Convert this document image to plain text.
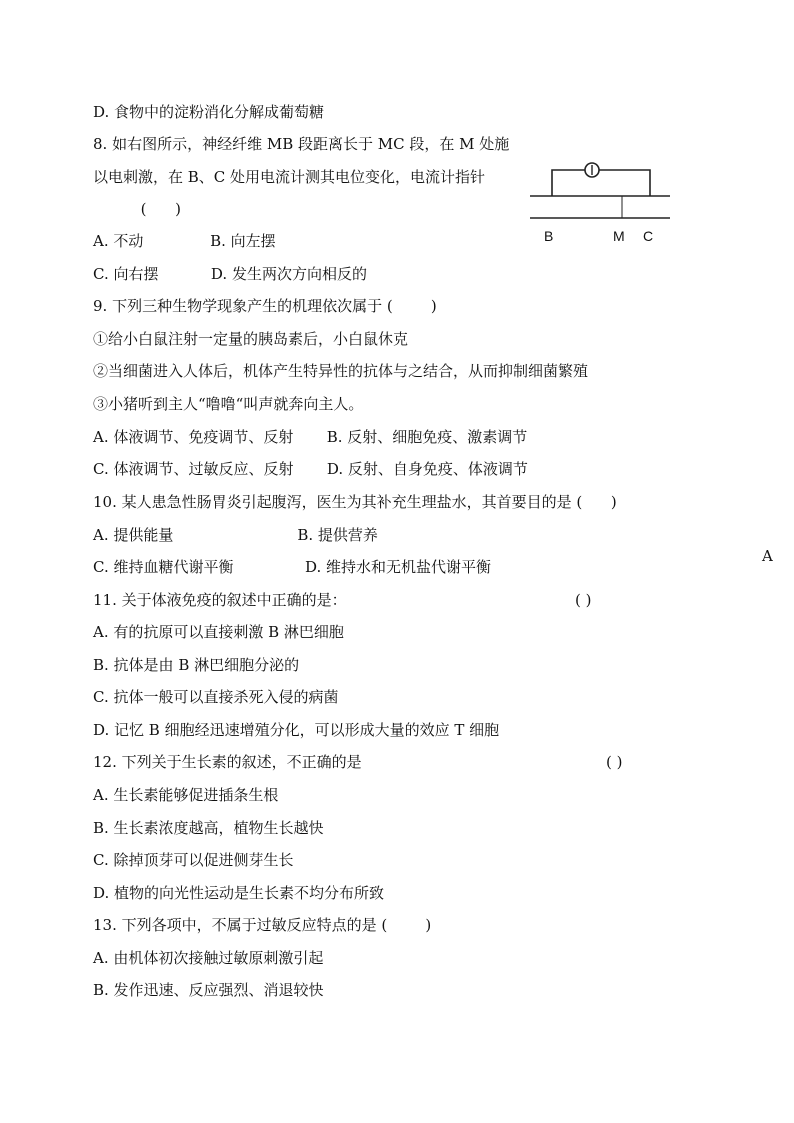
D. 食物中的淀粉消化分解成葡萄糖
8. 如右图所示，神经纤维 MB 段距离长于 MC 段，在 M 处施
以电刺激，在 B、C 处用电流计测其电位变化，电流计指针
(      )
A. 不动              B. 向左摆
C. 向右摆           D. 发生两次方向相反的
9. 下列三种生物学现象产生的机理依次属于 (        )
①给小白鼠注射一定量的胰岛素后，小白鼠休克
②当细菌进入人体后，机体产生特异性的抗体与之结合，从而抑制细菌繁殖
③小猪听到主人“噜噜“叫声就奔向主人。
A. 体液调节、免疫调节、反射       B. 反射、细胞免疫、激素调节
C. 体液调节、过敏反应、反射       D. 反射、自身免疫、体液调节
10. 某人患急性肠胃炎引起腹泻，医生为其补充生理盐水，其首要目的是 (      )
A. 提供能量                          B. 提供营养
C. 维持血糖代谢平衡               D. 维持水和无机盐代谢平衡
11. 关于体液免疫的叙述中正确的是：	( )
A. 有的抗原可以直接刺激 B 淋巴细胞
B. 抗体是由 B 淋巴细胞分泌的
C. 抗体一般可以直接杀死入侵的病菌
D. 记忆 B 细胞经迅速增殖分化，可以形成大量的效应 T 细胞
12. 下列关于生长素的叙述，不正确的是	( )
A. 生长素能够促进插条生根
B. 生长素浓度越高，植物生长越快
C. 除掉顶芽可以促进侧芽生长
D. 植物的向光性运动是生长素不均分布所致
13. 下列各项中，不属于过敏反应特点的是 (        )
A. 由机体初次接触过敏原刺激引起
B. 发作迅速、反应强烈、消退较快
A
B	M C
